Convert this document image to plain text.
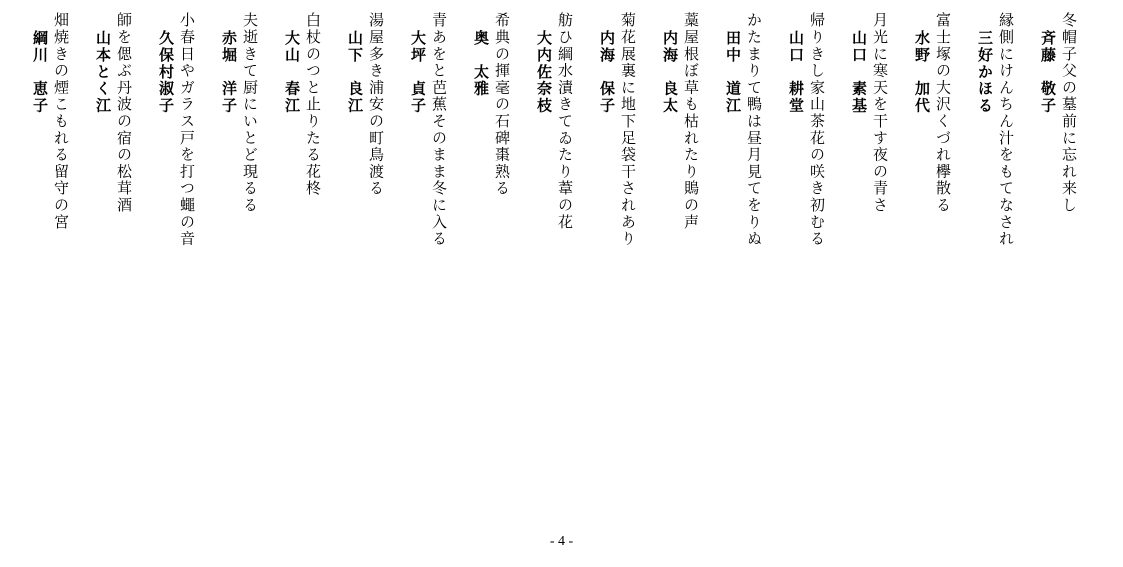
冬帽子父の墓前に忘れ来し
斉藤　敬子
縁側にけんちん汁をもてなされ
三好かほる
富士塚の大沢くづれ欅散る
水野　加代
月光に寒天を干す夜の青さ
山口　素基
帰りきし家山茶花の咲き初むる
山口　耕堂
かたまりて鴨は昼月見てをりぬ
田中　道江
藁屋根ぼ草も枯れたり鵙の声
内海　良太
菊花展裏に地下足袋干されあり
内海　保子
舫ひ綱水漬きてゐたり葦の花
大内佐奈枝
希典の揮毫の石碑棗熟る
奥　太雅
青あをと芭蕉そのまま冬に入る
大坪　貞子
湯屋多き浦安の町鳥渡る
山下　良江
白杖のつと止りたる花柊
大山　春江
夫逝きて厨にいとど現るる
赤堀　洋子
小春日やガラス戸を打つ蠅の音
久保村淑子
師を偲ぶ丹波の宿の松茸酒
山本とく江
畑焼きの煙こもれる留守の宮
綱川　恵子
- 4 -
